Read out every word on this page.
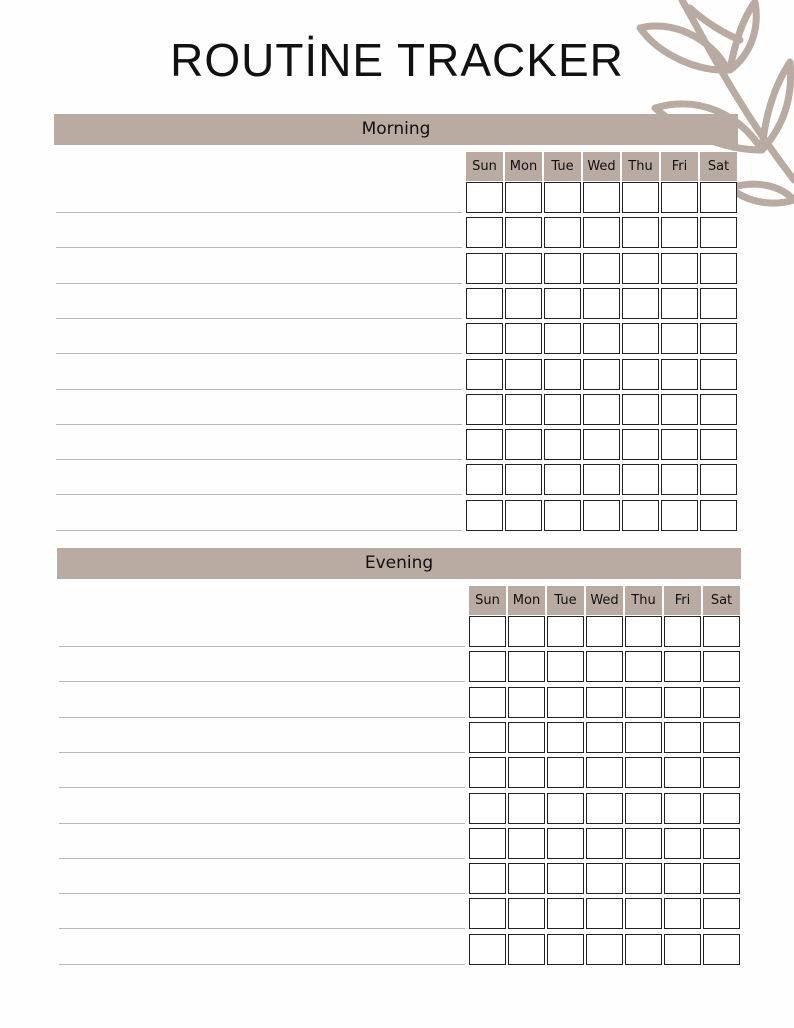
ROUTİNE TRACKER
Morning
Sun Mon	Tue	Wed Thu	Fri	Sat
Evening
Sun Mon	Tue	Wed Thu	Fri	Sat
